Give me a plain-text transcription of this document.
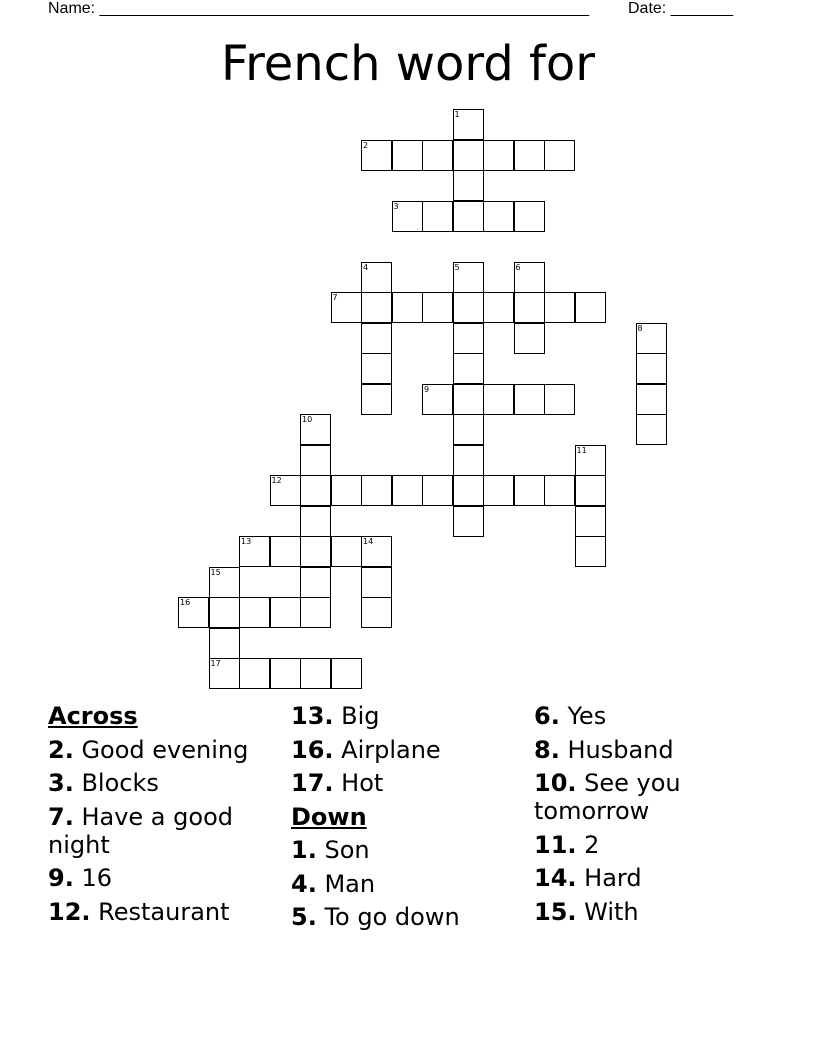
Name: _______________________________________________________ Date: _______
French word for
1
2
3
4	5	6
7
8
9
10
11
12
13	14
15
17
16
Across
2. Good evening
3. Blocks
7. Have a good night
9. 16
12. Restaurant
13. Big
16. Airplane
17. Hot
Down
1. Son
4. Man
5. To go down
6. Yes
8. Husband
10. See you tomorrow
11. 2
14. Hard
15. With
